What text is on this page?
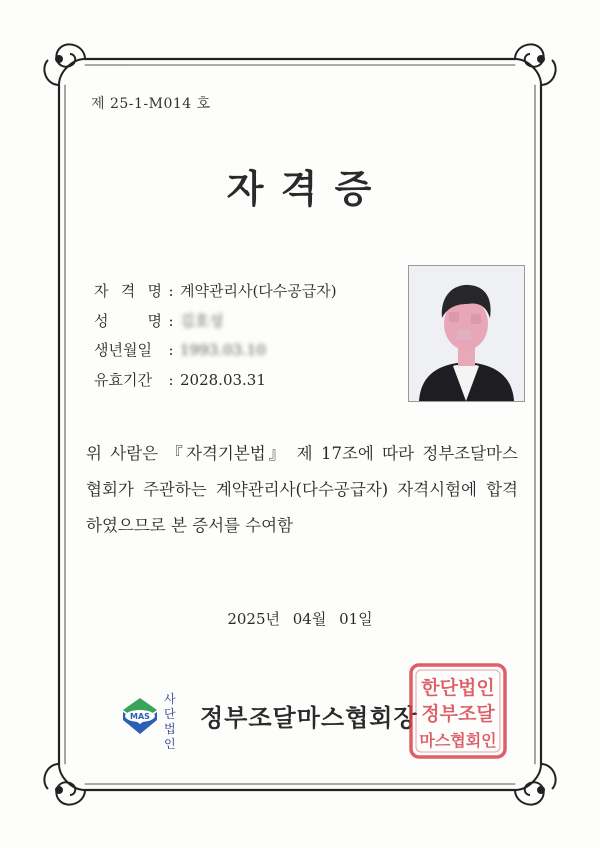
제 25-1-M014 호
자 격 증
자 격 명 : 계약관리사(다수공급자)
성 명 : 김호성
생년월일 : 1993.03.10
유효기간 : 2028.03.31
위 사람은 『자격기본법』 제 17조에 따라 정부조달마스
협회가 주관하는 계약관리사(다수공급자) 자격시험에 합격
하였으므로 본 증서를 수여함
2025년 04월 01일
MAS
사단
법인
정부조달마스협회장
한단법인
정부조달
마스협회인
